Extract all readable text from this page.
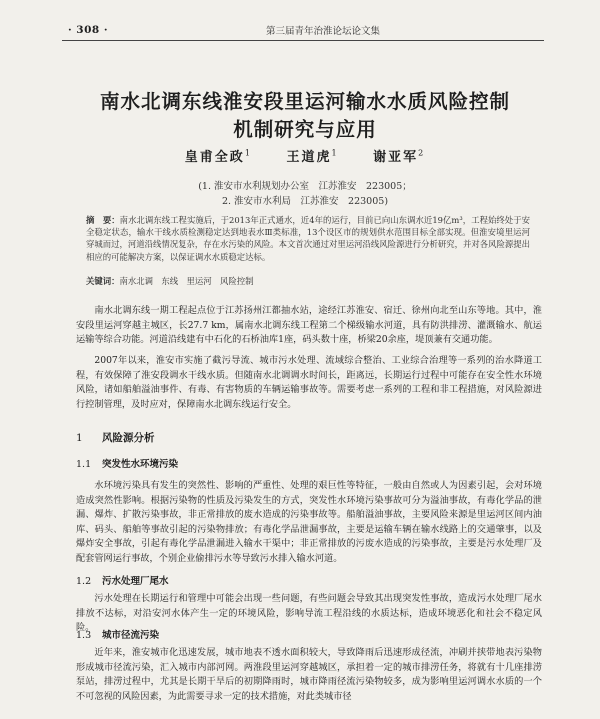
· 308 ·	第三届青年治淮论坛论文集
南水北调东线淮安段里运河输水水质风险控制
机制研究与应用
皇甫全政$^1$	王道虎$^1$	谢亚军$^2$
(1. 淮安市水利规划办公室　江苏淮安　223005；
2. 淮安市水利局　江苏淮安　223005)
摘　要：南水北调东线工程实施后，于2013年正式通水，近4年的运行，目前已向山东调水近19亿m³，工程始终处于安全稳定状态，输水干线水质检测稳定达到地表水Ⅲ类标准，13个设区市的规划供水范围目标全部实现。但淮安境里运河穿城而过，河道沿线情况复杂，存在水污染的风险。本文首次通过对里运河沿线风险源进行分析研究，并对各风险源提出相应的可能解决方案，以保证调水水质稳定达标。
关键词：南水北调　东线　里运河　风险控制

南水北调东线一期工程起点位于江苏扬州江都抽水站，途经江苏淮安、宿迁、徐州向北至山东等地。其中，淮安段里运河穿越主城区，长27.7 km，属南水北调东线工程第二个梯级输水河道，具有防洪排涝、灌溉输水、航运运输等综合功能。河道沿线建有中石化的石桥油库1座，码头数十座，桥梁20余座，堤顶兼有交通功能。

2007年以来，淮安市实施了截污导流、城市污水处理、流域综合整治、工业综合治理等一系列的治水降道工程，有效保障了淮安段调水干线水质。但随南水北调调水时间长，距离远，长期运行过程中可能存在安全性水环境风险，诸如船舶溢油事件、有毒、有害物质的车辆运输事故等。需要考虑一系列的工程和非工程措施，对风险源进行控制管理，及时应对，保障南水北调东线运行安全。

1 风险源分析
1.1 突发性水环境污染

水环境污染具有发生的突然性、影响的严重性、处理的艰巨性等特征，一般由自然或人为因素引起，会对环境造成突然性影响。根据污染物的性质及污染发生的方式，突发性水环境污染事故可分为溢油事故，有毒化学品的泄漏、爆炸、扩散污染事故，非正常排放的废水造成的污染事故等。船舶溢油事故，主要风险来源是里运河区间内油库、码头、船舶等事故引起的污染物排放；有毒化学品泄漏事故，主要是运输车辆在输水线路上的交通肇事，以及爆炸安全事故，引起有毒化学品泄漏进入输水干渠中；非正常排放的污废水造成的污染事故，主要是污水处理厂及配套管网运行事故，个别企业偷排污水等导致污水排入输水河道。

1.2 污水处理厂尾水

污水处理在长期运行和管理中可能会出现一些问题，有些问题会导致其出现突发性事故，造成污水处理厂尾水排放不达标，对沿安河水体产生一定的环境风险，影响导流工程沿线的水质达标，造成环境恶化和社会不稳定风险。

1.3 城市径流污染

近年来，淮安城市化迅速发展，城市地表不透水面积较大，导致降雨后迅速形成径流，冲刷并挟带地表污染物形成城市径流污染，汇入城市内部河网。两淮段里运河穿越城区，承担着一定的城市排涝任务，将就有十几座排涝泵站，排涝过程中，尤其是长期干旱后的初期降雨时，城市降雨径流污染物较多，成为影响里运河调水水质的一个不可忽视的风险因素，为此需要寻求一定的技术措施，对此类城市径
